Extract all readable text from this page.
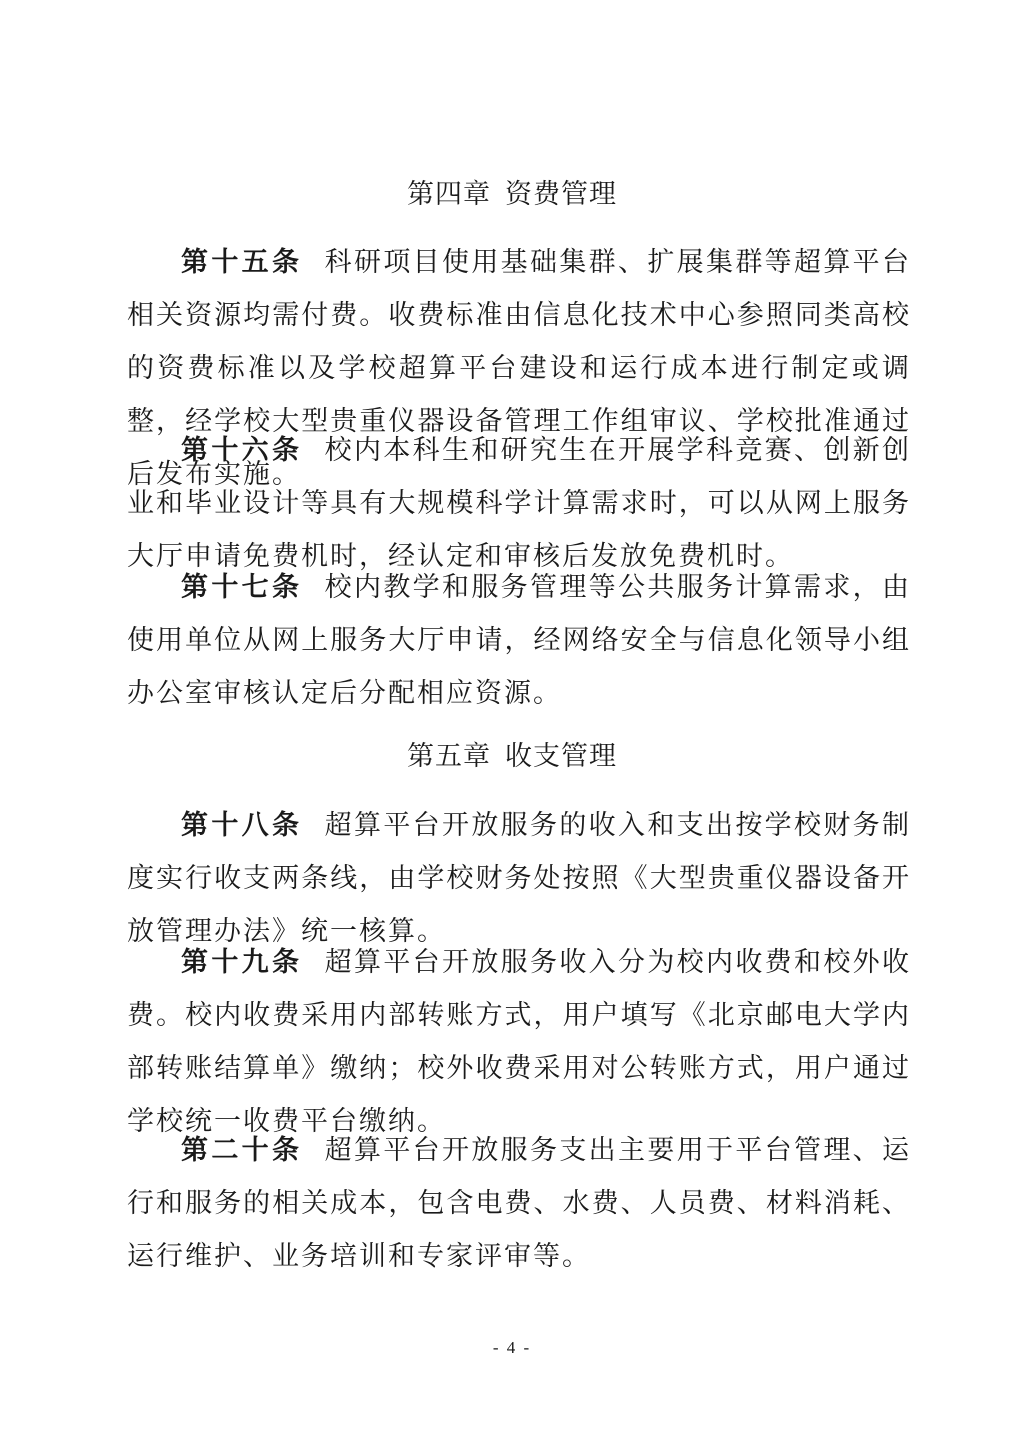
第四章 资费管理

第十五条 科研项目使用基础集群、扩展集群等超算平台相关资源均需付费。收费标准由信息化技术中心参照同类高校的资费标准以及学校超算平台建设和运行成本进行制定或调整，经学校大型贵重仪器设备管理工作组审议、学校批准通过后发布实施。

第十六条 校内本科生和研究生在开展学科竞赛、创新创业和毕业设计等具有大规模科学计算需求时，可以从网上服务大厅申请免费机时，经认定和审核后发放免费机时。

第十七条 校内教学和服务管理等公共服务计算需求，由使用单位从网上服务大厅申请，经网络安全与信息化领导小组办公室审核认定后分配相应资源。

第五章 收支管理

第十八条 超算平台开放服务的收入和支出按学校财务制度实行收支两条线，由学校财务处按照《大型贵重仪器设备开放管理办法》统一核算。

第十九条 超算平台开放服务收入分为校内收费和校外收费。校内收费采用内部转账方式，用户填写《北京邮电大学内部转账结算单》缴纳；校外收费采用对公转账方式，用户通过学校统一收费平台缴纳。

第二十条 超算平台开放服务支出主要用于平台管理、运行和服务的相关成本，包含电费、水费、人员费、材料消耗、运行维护、业务培训和专家评审等。

- 4 -
